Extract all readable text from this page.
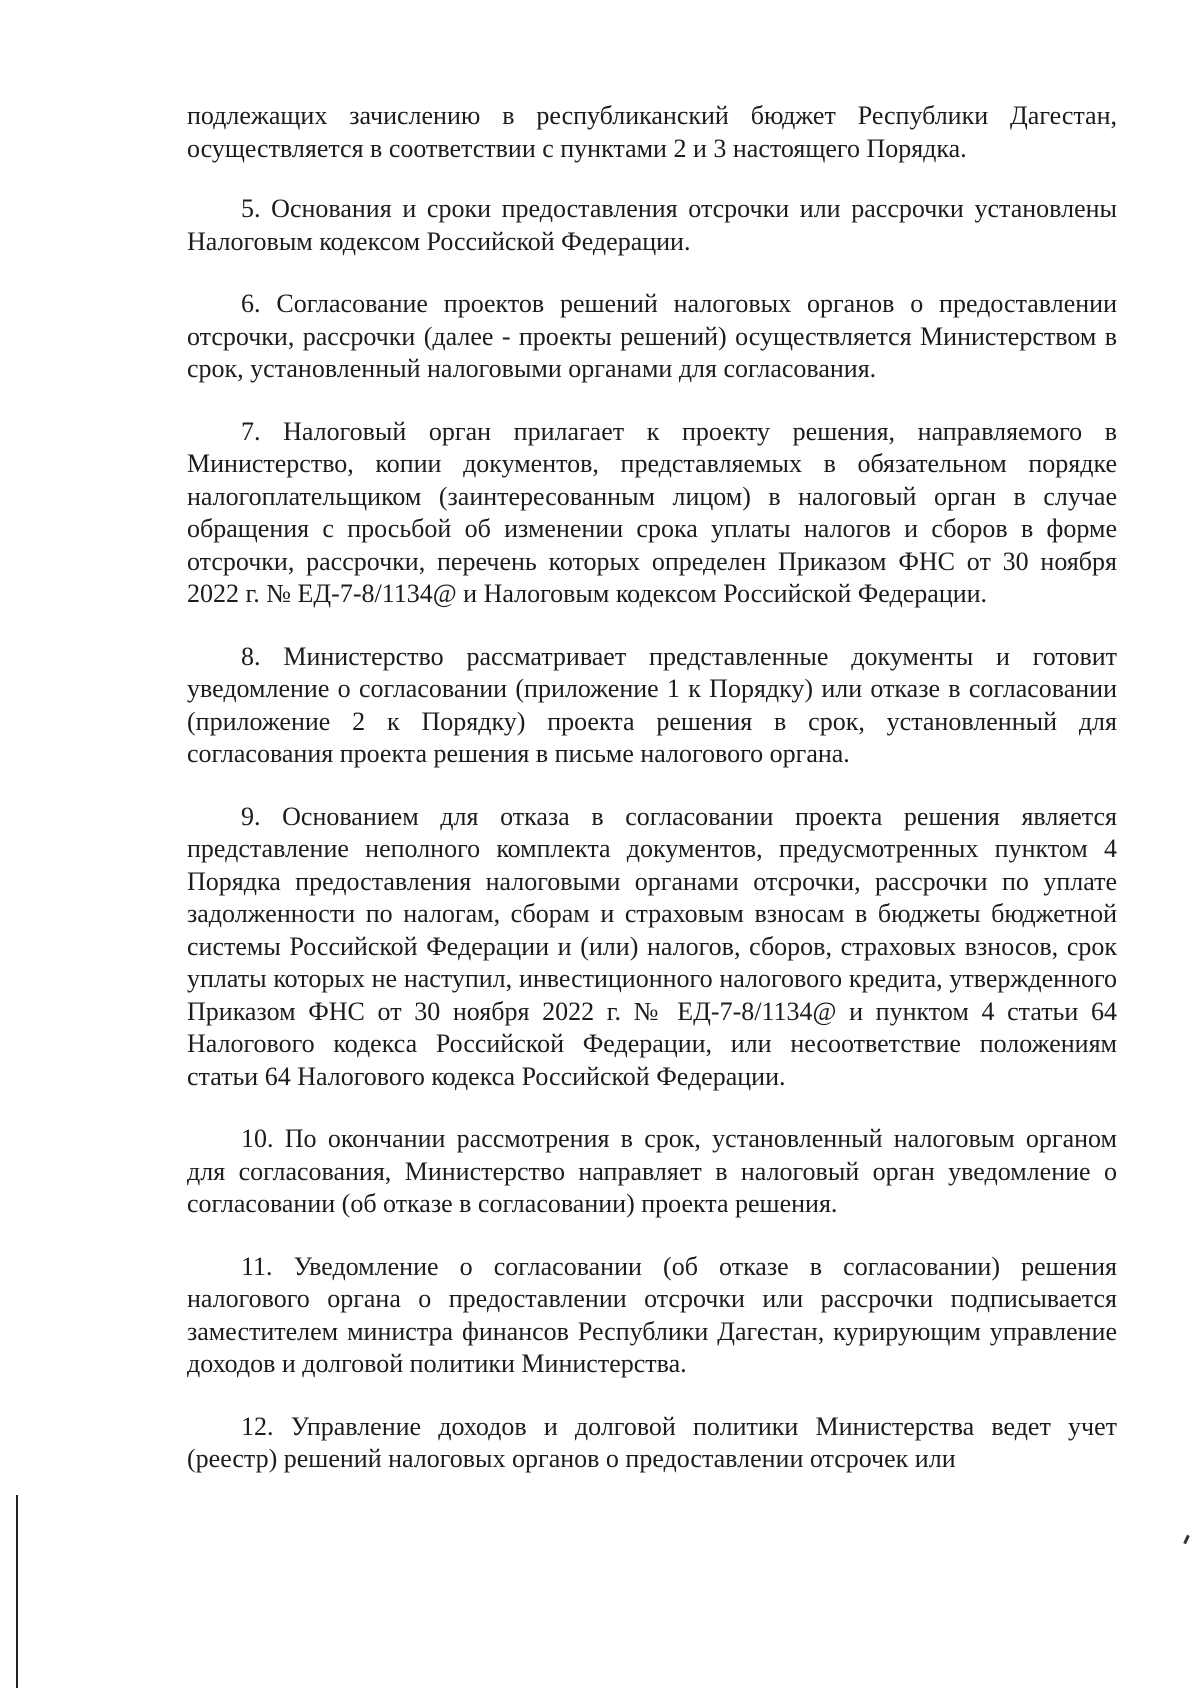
подлежащих зачислению в республиканский бюджет Республики Дагестан, осуществляется в соответствии с пунктами 2 и 3 настоящего Порядка.

5. Основания и сроки предоставления отсрочки или рассрочки установлены Налоговым кодексом Российской Федерации.

6. Согласование проектов решений налоговых органов о предоставлении отсрочки, рассрочки (далее - проекты решений) осуществляется Министерством в срок, установленный налоговыми органами для согласования.

7. Налоговый орган прилагает к проекту решения, направляемого в Министерство, копии документов, представляемых в обязательном порядке налогоплательщиком (заинтересованным лицом) в налоговый орган в случае обращения с просьбой об изменении срока уплаты налогов и сборов в форме отсрочки, рассрочки, перечень которых определен Приказом ФНС от 30 ноября 2022 г. № ЕД-7-8/1134@ и Налоговым кодексом Российской Федерации.

8. Министерство рассматривает представленные документы и готовит уведомление о согласовании (приложение 1 к Порядку) или отказе в согласовании (приложение 2 к Порядку) проекта решения в срок, установленный для согласования проекта решения в письме налогового органа.

9. Основанием для отказа в согласовании проекта решения является представление неполного комплекта документов, предусмотренных пунктом 4 Порядка предоставления налоговыми органами отсрочки, рассрочки по уплате задолженности по налогам, сборам и страховым взносам в бюджеты бюджетной системы Российской Федерации и (или) налогов, сборов, страховых взносов, срок уплаты которых не наступил, инвестиционного налогового кредита, утвержденного Приказом ФНС от 30 ноября 2022 г. № ЕД-7-8/1134@ и пунктом 4 статьи 64 Налогового кодекса Российской Федерации, или несоответствие положениям статьи 64 Налогового кодекса Российской Федерации.

10. По окончании рассмотрения в срок, установленный налоговым органом для согласования, Министерство направляет в налоговый орган уведомление о согласовании (об отказе в согласовании) проекта решения.

11. Уведомление о согласовании (об отказе в согласовании) решения налогового органа о предоставлении отсрочки или рассрочки подписывается заместителем министра финансов Республики Дагестан, курирующим управление доходов и долговой политики Министерства.

12. Управление доходов и долговой политики Министерства ведет учет (реестр) решений налоговых органов о предоставлении отсрочек или
